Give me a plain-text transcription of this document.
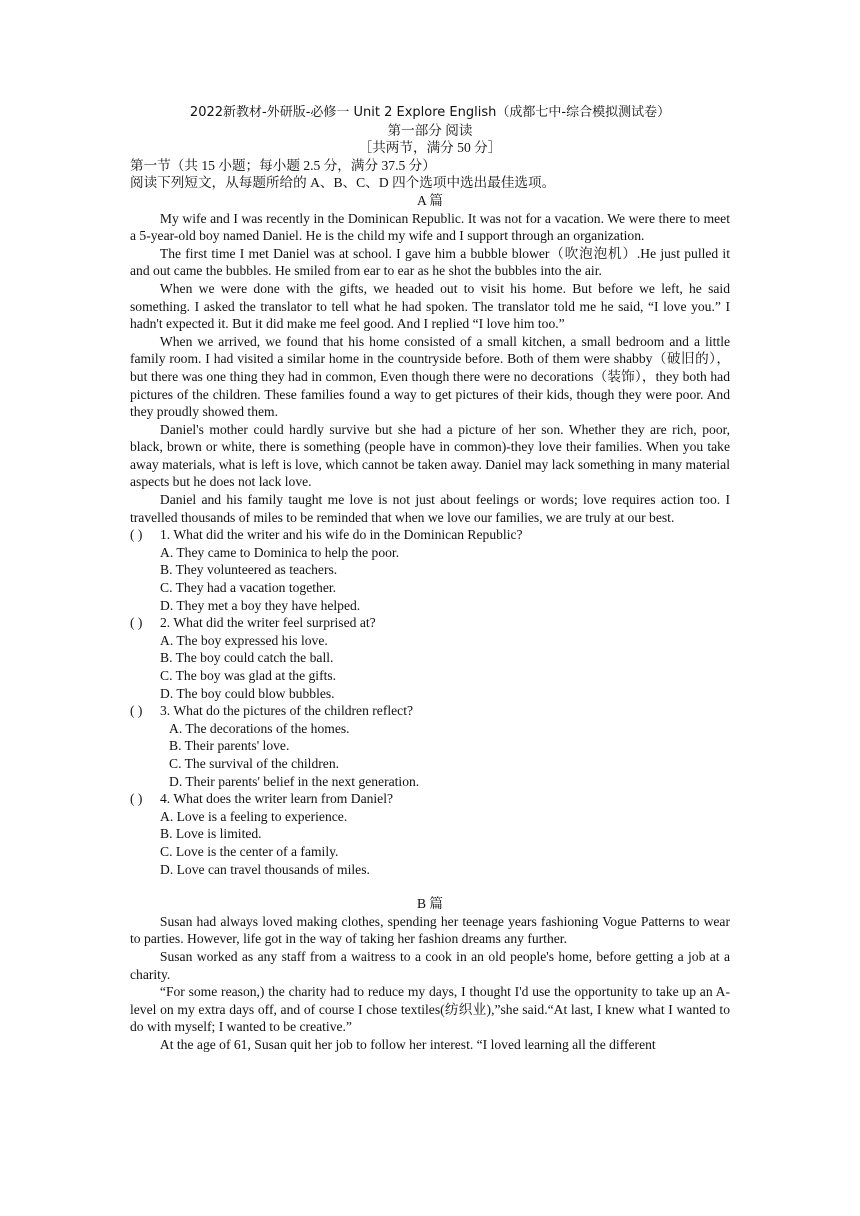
2022新教材-外研版-必修一 Unit 2 Explore English（成都七中-综合模拟测试卷）
第一部分 阅读
［共两节，满分 50 分］
第一节（共 15 小题；每小题 2.5 分，满分 37.5 分）
阅读下列短文，从每题所给的 A、B、C、D 四个选项中选出最佳选项。
A 篇

My wife and I was recently in the Dominican Republic. It was not for a vacation. We were there to meet a 5-year-old boy named Daniel. He is the child my wife and I support through an organization.

The first time I met Daniel was at school. I gave him a bubble blower（吹泡泡机）.He just pulled it and out came the bubbles. He smiled from ear to ear as he shot the bubbles into the air.

When we were done with the gifts, we headed out to visit his home. But before we left, he said something. I asked the translator to tell what he had spoken. The translator told me he said, “I love you.” I hadn't expected it. But it did make me feel good. And I replied “I love him too.”

When we arrived, we found that his home consisted of a small kitchen, a small bedroom and a little family room. I had visited a similar home in the countryside before. Both of them were shabby（破旧的）， but there was one thing they had in common, Even though there were no decorations（装饰），they both had pictures of the children. These families found a way to get pictures of their kids, though they were poor. And they proudly showed them.

Daniel's mother could hardly survive but she had a picture of her son. Whether they are rich, poor, black, brown or white, there is something (people have in common)-they love their families. When you take away materials, what is left is love, which cannot be taken away. Daniel may lack something in many material aspects but he does not lack love.

Daniel and his family taught me love is not just about feelings or words; love requires action too. I travelled thousands of miles to be reminded that when we love our families, we are truly at our best.

( ) 1. What did the writer and his wife do in the Dominican Republic?
A. They came to Dominica to help the poor.
B. They volunteered as teachers.
C. They had a vacation together.
D. They met a boy they have helped.
( ) 2. What did the writer feel surprised at?
A. The boy expressed his love.
B. The boy could catch the ball.
C. The boy was glad at the gifts.
D. The boy could blow bubbles.
( ) 3. What do the pictures of the children reflect?
A. The decorations of the homes.
B. Their parents' love.
C. The survival of the children.
D. Their parents' belief in the next generation.
( ) 4. What does the writer learn from Daniel?
A. Love is a feeling to experience.
B. Love is limited.
C. Love is the center of a family.
D. Love can travel thousands of miles.
B 篇

Susan had always loved making clothes, spending her teenage years fashioning Vogue Patterns to wear to parties. However, life got in the way of taking her fashion dreams any further.

Susan worked as any staff from a waitress to a cook in an old people's home, before getting a job at a charity.

“For some reason,) the charity had to reduce my days, I thought I'd use the opportunity to take up an A-level on my extra days off, and of course I chose textiles(纺织业),”she said.“At last, I knew what I wanted to do with myself; I wanted to be creative.”

At the age of 61, Susan quit her job to follow her interest. “I loved learning all the different
